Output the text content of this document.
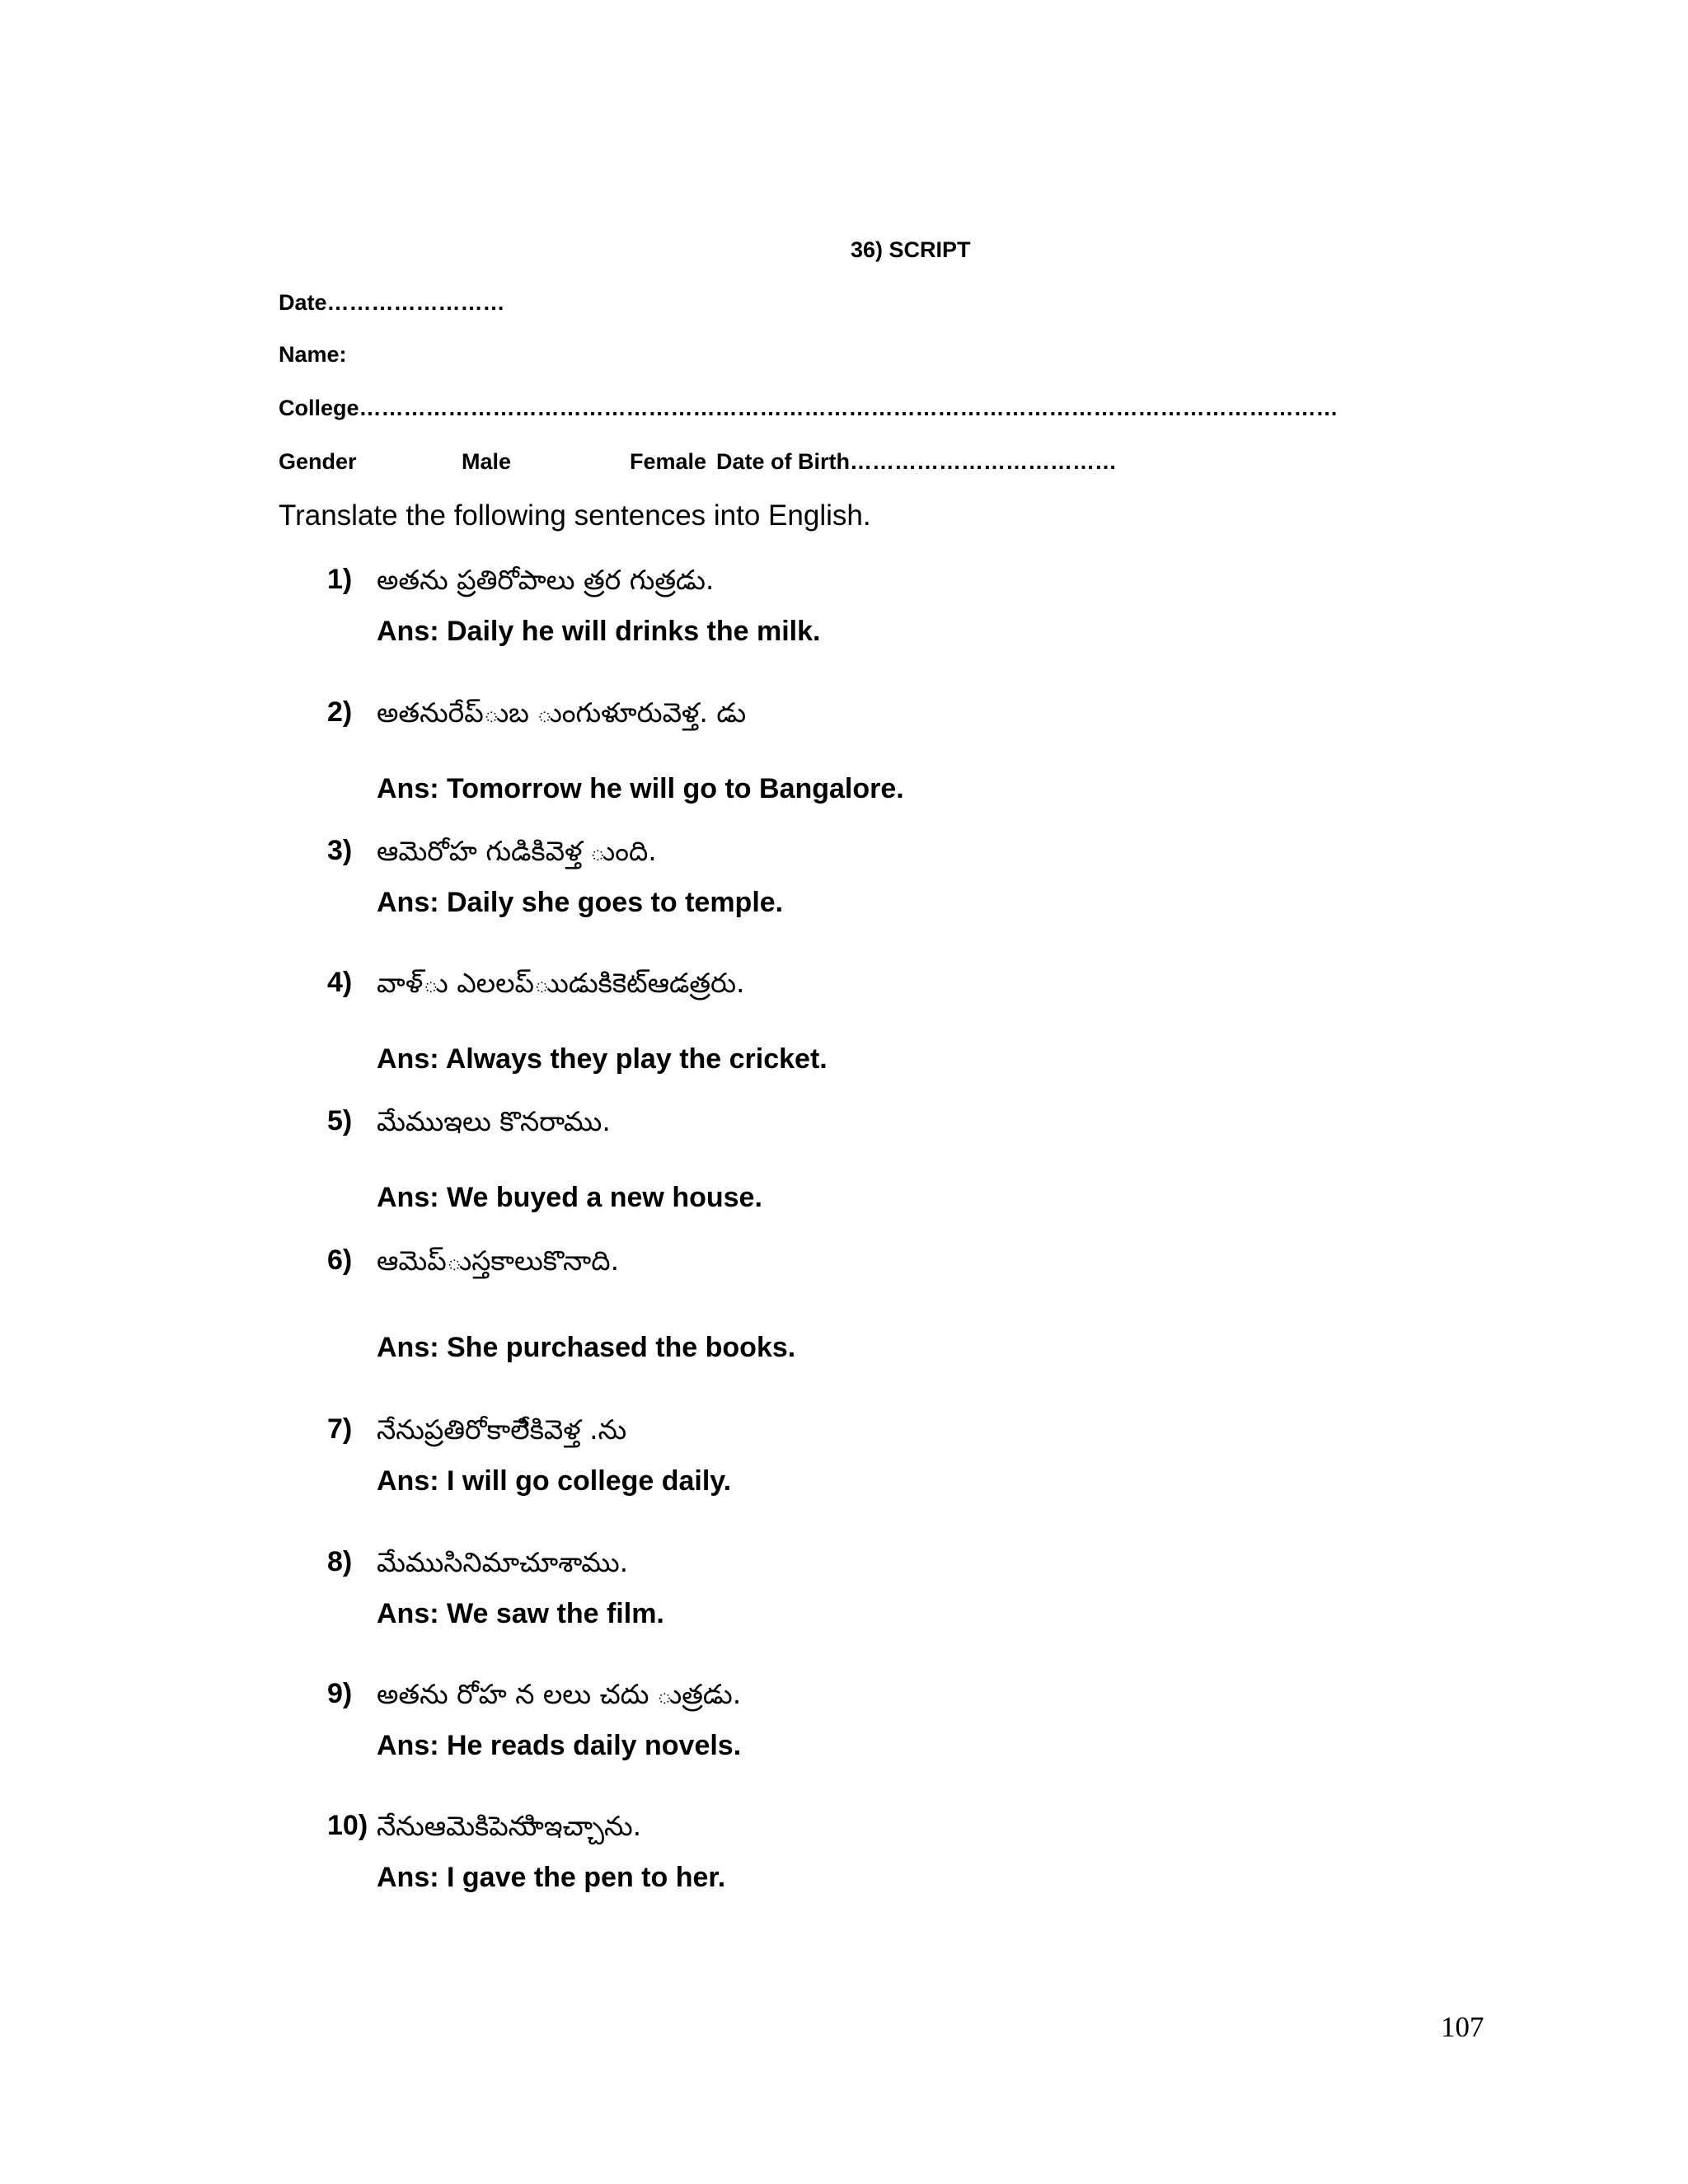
36) SCRIPT
Date……………………
Name:
College……………………………………………………………………………………………………………………
Gender	Male	Female Date of Birth………………………………
Translate the following sentences into English.
1) అతను ప్రతిరోపాలు త్రర గుత్రడు.
Ans: Daily he will drinks the milk.
2) అతనురేప్ుబ ుంగుళూరువెళ్త. డు
Ans: Tomorrow he will go to Bangalore.
3) ఆమెరోహ గుడికివెళ్త ుంది.
Ans: Daily she goes to temple.
4) వాళ్ు ఎలలప్ుుడుకిికెట్ఆడత్రరు.
Ans: Always they play the cricket.
5) మేముఇలు కొనరాము.
Ans: We buyed a new house.
6) ఆమెప్ుస్తకాలుకొనాది.
Ans: She purchased the books.
7) నేనుప్రతిరోకాలేికివెళ్త .ను
Ans: I will go college daily.
8) మేముసినిమాచూశాము.
Ans: We saw the film.
9) అతను రోహ న లలు చదు ుత్రడు.
Ans: He reads daily novels.
10) నేనుఆమెకిపెనుిాఇచ్చాను.
Ans: I gave the pen to her.
107
